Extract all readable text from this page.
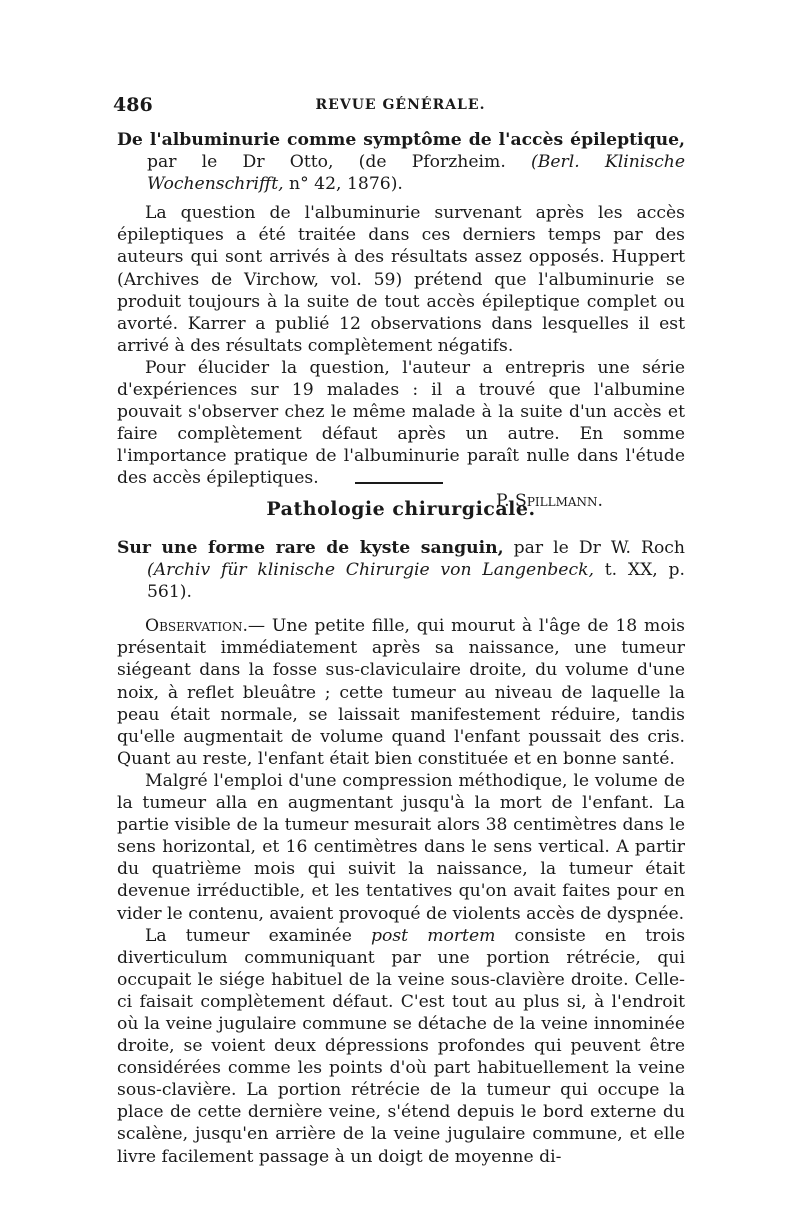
486	REVUE GÉNÉRALE.

De l'albuminurie comme symptôme de l'accès épileptique, par le Dr Otto, (de Pforzheim. (Berl. Klinische Wochenschrifft, n° 42, 1876).

La question de l'albuminurie survenant après les accès épileptiques a été traitée dans ces derniers temps par des auteurs qui sont arrivés à des résultats assez opposés. Huppert (Archives de Virchow, vol. 59) prétend que l'albuminurie se produit toujours à la suite de tout accès épileptique complet ou avorté. Karrer a publié 12 observations dans lesquelles il est arrivé à des résultats complètement négatifs.

Pour élucider la question, l'auteur a entrepris une série d'expériences sur 19 malades : il a trouvé que l'albumine pouvait s'observer chez le même malade à la suite d'un accès et faire complètement défaut après un autre. En somme l'importance pratique de l'albuminurie paraît nulle dans l'étude des accès épileptiques.

P. Spillmann.

Pathologie chirurgicale.

Sur une forme rare de kyste sanguin, par le Dr W. Roch (Archiv für klinische Chirurgie von Langenbeck, t. XX, p. 561).

Observation.— Une petite fille, qui mourut à l'âge de 18 mois présentait immédiatement après sa naissance, une tumeur siégeant dans la fosse sus-claviculaire droite, du volume d'une noix, à reflet bleuâtre ; cette tumeur au niveau de laquelle la peau était normale, se laissait manifestement réduire, tandis qu'elle augmentait de volume quand l'enfant poussait des cris. Quant au reste, l'enfant était bien constituée et en bonne santé.

Malgré l'emploi d'une compression méthodique, le volume de la tumeur alla en augmentant jusqu'à la mort de l'enfant. La partie visible de la tumeur mesurait alors 38 centimètres dans le sens horizontal, et 16 centimètres dans le sens vertical. A partir du quatrième mois qui suivit la naissance, la tumeur était devenue irréductible, et les tentatives qu'on avait faites pour en vider le contenu, avaient provoqué de violents accès de dyspnée.

La tumeur examinée post mortem consiste en trois diverticulum communiquant par une portion rétrécie, qui occupait le siége habituel de la veine sous-clavière droite. Celle-ci faisait complètement défaut. C'est tout au plus si, à l'endroit où la veine jugulaire commune se détache de la veine innominée droite, se voient deux dépressions profondes qui peuvent être considérées comme les points d'où part habituellement la veine sous-clavière. La portion rétrécie de la tumeur qui occupe la place de cette dernière veine, s'étend depuis le bord externe du scalène, jusqu'en arrière de la veine jugulaire commune, et elle livre facilement passage à un doigt de moyenne di-
